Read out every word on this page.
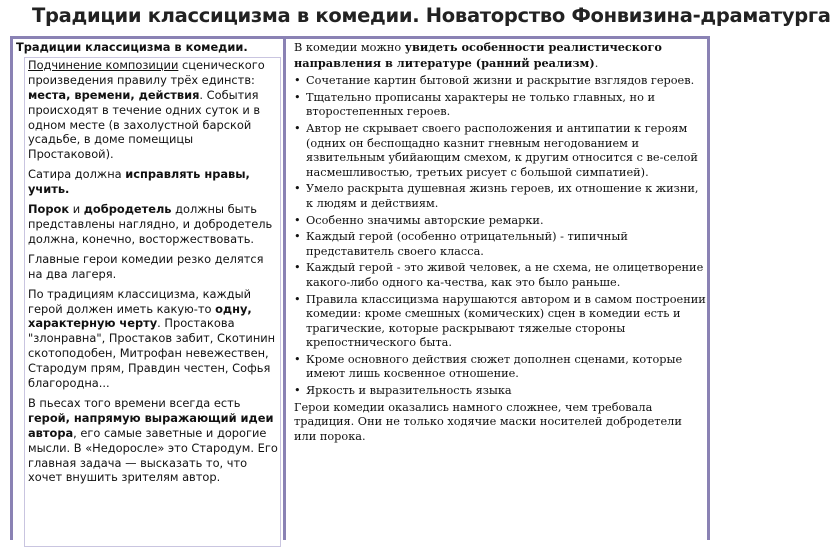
Традиции классицизма в комедии. Новаторство Фонвизина-драматурга
Традиции классицизма в комедии.

Подчинение композиции сценического произведения правилу трёх единств: места, времени, действия. События происходят в течение одних суток и в одном месте (в захолустной барской усадьбе, в доме помещицы Простаковой).

Сатира должна исправлять нравы, учить.

Порок и добродетель должны быть представлены наглядно, и добродетель должна, конечно, восторжествовать.

Главные герои комедии резко делятся на два лагеря.

По традициям классицизма, каждый герой должен иметь какую-то одну, характерную черту. Простакова "злонравна", Простаков забит, Скотинин скотоподобен, Митрофан невежествен, Стародум прям, Правдин честен, Софья благородна...

В пьесах того времени всегда есть герой, напрямую выражающий идеи автора, его самые заветные и дорогие мысли. В «Недоросле» это Стародум. Его главная задача — высказать то, что хочет внушить зрителям автор.

В комедии можно увидеть особенности реалистического направления в литературе (ранний реализм).

• Сочетание картин бытовой жизни и раскрытие взглядов героев.
• Тщательно прописаны характеры не только главных, но и второстепенных героев.
• Автор не скрывает своего расположения и антипатии к героям (одних он беспощадно казнит гневным негодованием и язвительным убийающим смехом, к другим относится с ве-селой насмешливостью, третьих рисует с большой симпатией).
• Умело раскрыта душевная жизнь героев, их отношение к жизни, к людям и действиям.
• Особенно значимы авторские ремарки.
• Каждый герой (особенно отрицательный) - типичный представитель своего класса.
• Каждый герой - это живой человек, а не схема, не олицетворение какого-либо одного ка-чества, как это было раньше.
• Правила классицизма нарушаются автором и в самом построении комедии: кроме смешных (комических) сцен в комедии есть и трагические, которые раскрывают тяжелые стороны крепостнического быта.
• Кроме основного действия сюжет дополнен сценами, которые имеют лишь косвенное отношение.
• Яркость и выразительность языка

Герои комедии оказались намного сложнее, чем требовала традиция. Они не только ходячие маски носителей добродетели или порока.
